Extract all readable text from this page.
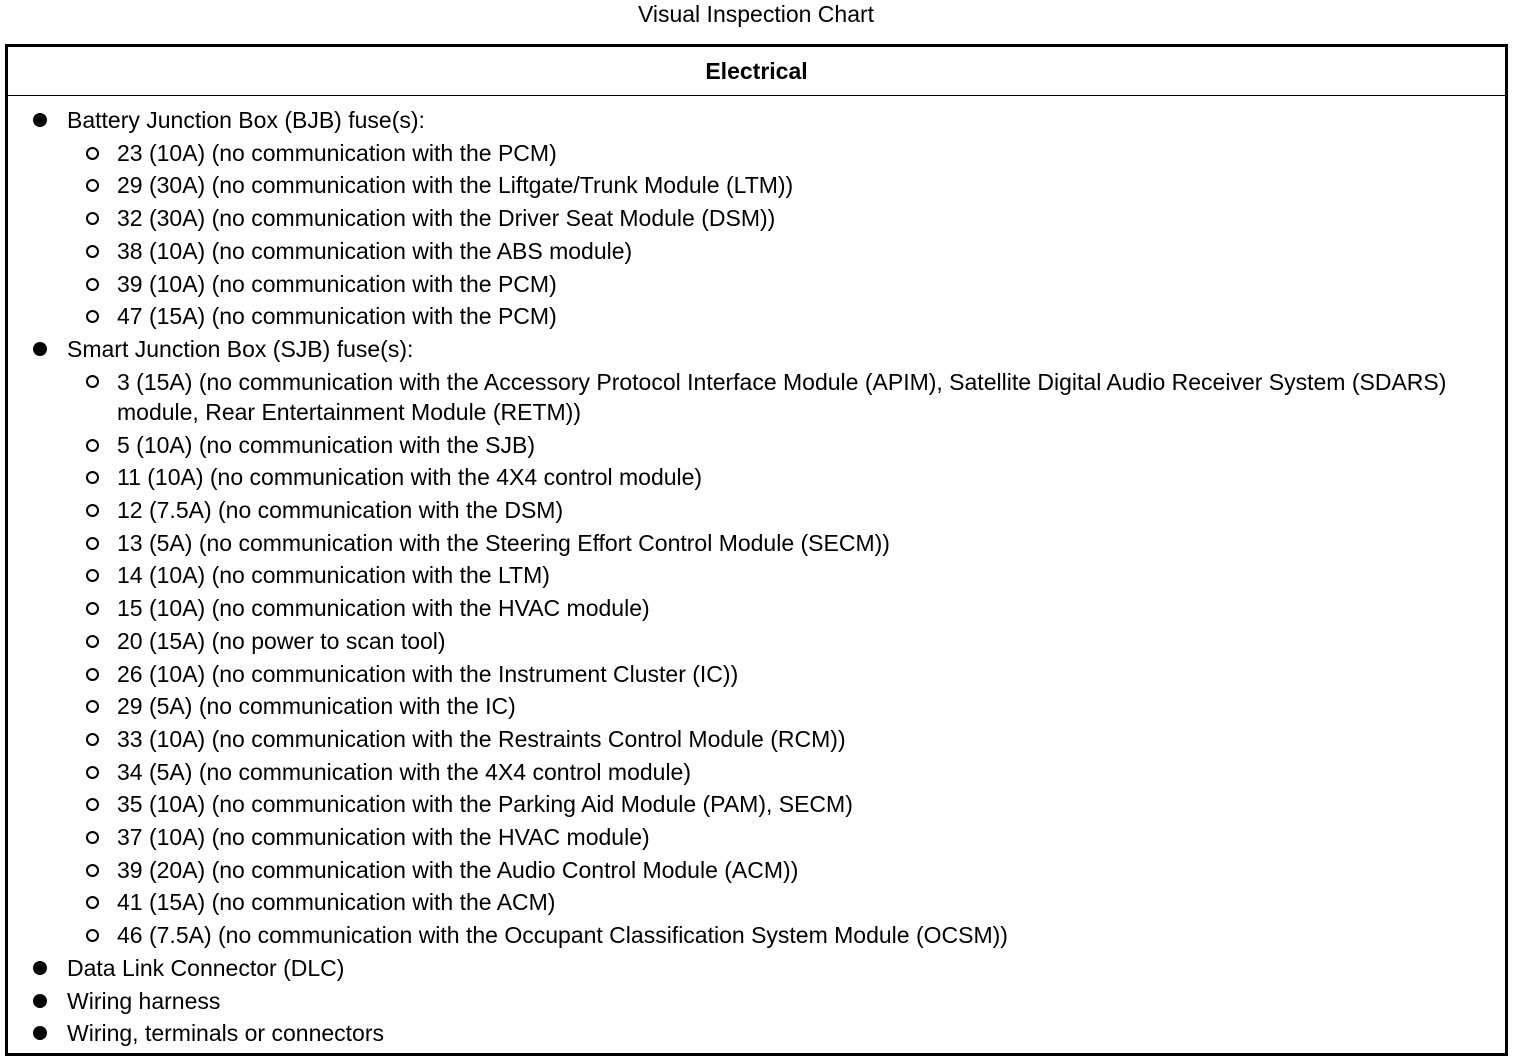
Visual Inspection Chart
Electrical
Battery Junction Box (BJB) fuse(s):
23 (10A) (no communication with the PCM)
29 (30A) (no communication with the Liftgate/Trunk Module (LTM))
32 (30A) (no communication with the Driver Seat Module (DSM))
38 (10A) (no communication with the ABS module)
39 (10A) (no communication with the PCM)
47 (15A) (no communication with the PCM)
Smart Junction Box (SJB) fuse(s):
3 (15A) (no communication with the Accessory Protocol Interface Module (APIM), Satellite Digital Audio Receiver System (SDARS) module, Rear Entertainment Module (RETM))
5 (10A) (no communication with the SJB)
11 (10A) (no communication with the 4X4 control module)
12 (7.5A) (no communication with the DSM)
13 (5A) (no communication with the Steering Effort Control Module (SECM))
14 (10A) (no communication with the LTM)
15 (10A) (no communication with the HVAC module)
20 (15A) (no power to scan tool)
26 (10A) (no communication with the Instrument Cluster (IC))
29 (5A) (no communication with the IC)
33 (10A) (no communication with the Restraints Control Module (RCM))
34 (5A) (no communication with the 4X4 control module)
35 (10A) (no communication with the Parking Aid Module (PAM), SECM)
37 (10A) (no communication with the HVAC module)
39 (20A) (no communication with the Audio Control Module (ACM))
41 (15A) (no communication with the ACM)
46 (7.5A) (no communication with the Occupant Classification System Module (OCSM))
Data Link Connector (DLC)
Wiring harness
Wiring, terminals or connectors
